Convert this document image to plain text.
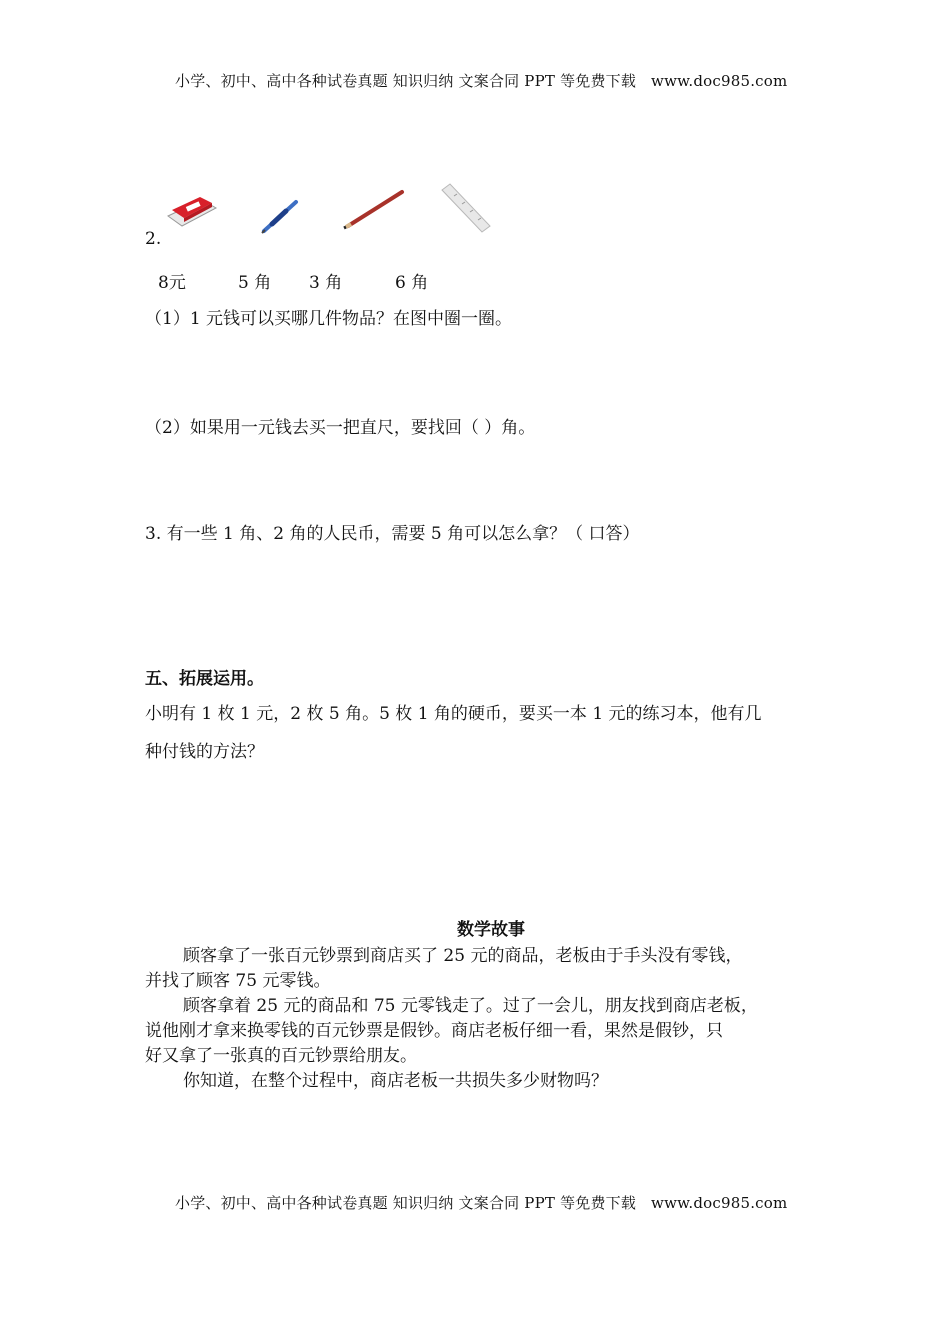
小学、初中、高中各种试卷真题 知识归纳 文案合同 PPT 等免费下载 www.doc985.com
2.
8元	5 角 3 角	6 角
（1）1 元钱可以买哪几件物品？在图中圈一圈。
（2）如果用一元钱去买一把直尺，要找回（ ）角。
3. 有一些 1 角、2 角的人民币，需要 5 角可以怎么拿？（ 口答）
五、拓展运用。
小明有 1 枚 1 元，2 枚 5 角。5 枚 1 角的硬币，要买一本 1 元的练习本，他有几
种付钱的方法？
数学故事
顾客拿了一张百元钞票到商店买了 25 元的商品，老板由于手头没有零钱，
并找了顾客 75 元零钱。
顾客拿着 25 元的商品和 75 元零钱走了。过了一会儿，朋友找到商店老板，
说他刚才拿来换零钱的百元钞票是假钞。商店老板仔细一看，果然是假钞，只
好又拿了一张真的百元钞票给朋友。
你知道，在整个过程中，商店老板一共损失多少财物吗？
小学、初中、高中各种试卷真题 知识归纳 文案合同 PPT 等免费下载 www.doc985.com
